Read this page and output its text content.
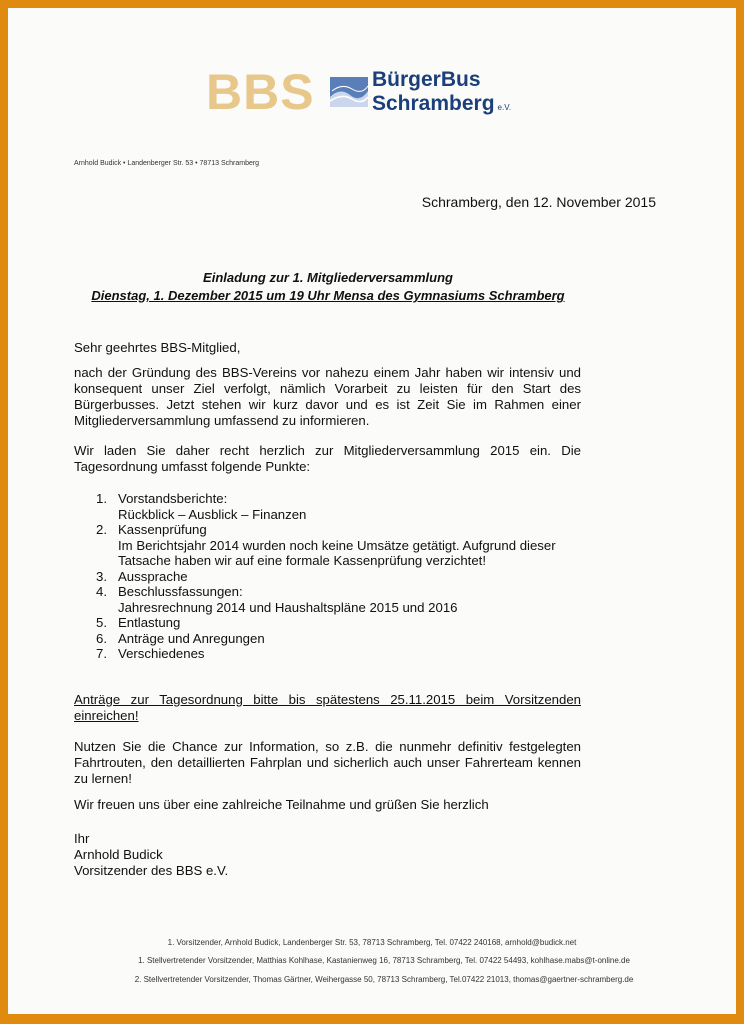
BBS	BürgerBus
Schramberg e.V.
Arnhold Budick • Landenberger Str. 53 • 78713 Schramberg
Schramberg, den 12. November 2015
Einladung zur 1. Mitgliederversammlung
Dienstag, 1. Dezember 2015 um 19 Uhr Mensa des Gymnasiums Schramberg
Sehr geehrtes BBS-Mitglied,
nach der Gründung des BBS-Vereins vor nahezu einem Jahr haben wir intensiv und konsequent unser Ziel verfolgt, nämlich Vorarbeit zu leisten für den Start des Bürgerbusses. Jetzt stehen wir kurz davor und es ist Zeit Sie im Rahmen einer Mitgliederversammlung umfassend zu informieren.
Wir laden Sie daher recht herzlich zur Mitgliederversammlung 2015 ein. Die Tagesordnung umfasst folgende Punkte:
1. Vorstandsberichte:
Rückblick – Ausblick – Finanzen
2. Kassenprüfung
Im Berichtsjahr 2014 wurden noch keine Umsätze getätigt. Aufgrund dieser Tatsache haben wir auf eine formale Kassenprüfung verzichtet!
3. Aussprache
4. Beschlussfassungen:
Jahresrechnung 2014 und Haushaltspläne 2015 und 2016
5. Entlastung
6. Anträge und Anregungen
7. Verschiedenes
Anträge zur Tagesordnung bitte bis spätestens 25.11.2015 beim Vorsitzenden einreichen!
Nutzen Sie die Chance zur Information, so z.B. die nunmehr definitiv festgelegten Fahrtrouten, den detaillierten Fahrplan und sicherlich auch unser Fahrerteam kennen zu lernen!
Wir freuen uns über eine zahlreiche Teilnahme und grüßen Sie herzlich
Ihr
Arnhold Budick
Vorsitzender des BBS e.V.
1. Vorsitzender, Arnhold Budick, Landenberger Str. 53, 78713 Schramberg, Tel. 07422 240168, arnhold@budick.net
1. Stellvertretender Vorsitzender, Matthias Kohlhase, Kastanienweg 16, 78713 Schramberg, Tel. 07422 54493, kohlhase.mabs@t-online.de
2. Stellvertretender Vorsitzender, Thomas Gärtner, Weihergasse 50, 78713 Schramberg, Tel.07422 21013, thomas@gaertner-schramberg.de
